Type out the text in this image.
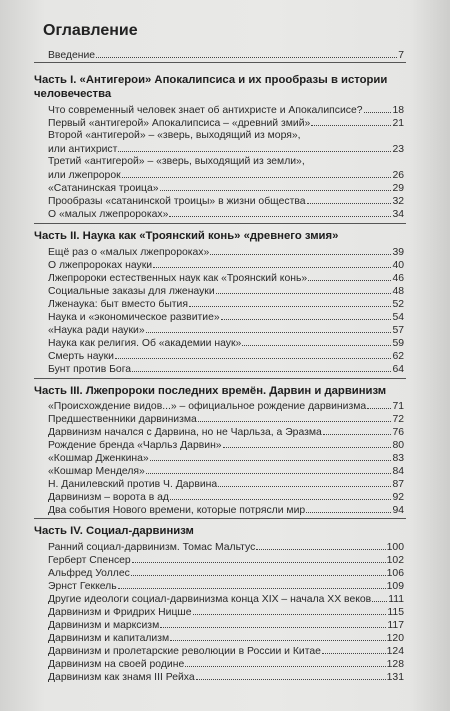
Оглавление
Введение	7
Часть I. «Антигерои» Апокалипсиса и их прообразы в истории человечества
Что современный человек знает об антихристе и Апокалипсисе?	18
Первый «антигерой» Апокалипсиса – «древний змий»	21
Второй «антигерой» – «зверь, выходящий из моря»,
или антихрист	23
Третий «антигерой» – «зверь, выходящий из земли»,
или лжепророк	26
«Сатанинская троица»	29
Прообразы «сатанинской троицы» в жизни общества	32
О «малых лжепророках»	34
Часть II. Наука как «Троянский конь» «древнего змия»
Ещё раз о «малых лжепророках»	39
О лжепророках науки	40
Лжепророки естественных наук как «Троянский конь»	46
Социальные заказы для лженауки	48
Лженаука: быт вместо бытия	52
Наука и «экономическое развитие»	54
«Наука ради науки»	57
Наука как религия. Об «академии наук»	59
Смерть науки	62
Бунт против Бога	64
Часть III. Лжепророки последних времён. Дарвин и дарвинизм
«Происхождение видов...» – официальное рождение дарвинизма	71
Предшественники дарвинизма	72
Дарвинизм начался с Дарвина, но не Чарльза, а Эразма	76
Рождение бренда «Чарльз Дарвин»	80
«Кошмар Дженкина»	83
«Кошмар Менделя»	84
Н. Данилевский против Ч. Дарвина	87
Дарвинизм – ворота в ад	92
Два события Нового времени, которые потрясли мир	94
Часть IV. Социал-дарвинизм
Ранний социал-дарвинизм. Томас Мальтус	100
Герберт Спенсер	102
Альфред Уоллес	106
Эрнст Геккель	109
Другие идеологи социал-дарвинизма конца XIX – начала XX веков 111
Дарвинизм и Фридрих Ницше	115
Дарвинизм и марксизм	117
Дарвинизм и капитализм	120
Дарвинизм и пролетарские революции в России и Китае	124
Дарвинизм на своей родине	128
Дарвинизм как знамя III Рейха	131
